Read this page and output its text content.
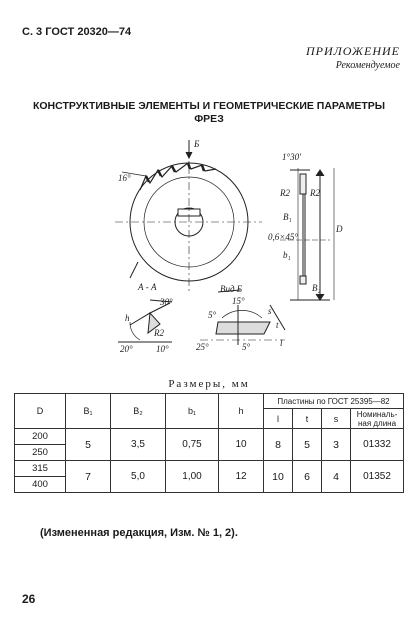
С. 3 ГОСТ 20320—74
ПРИЛОЖЕНИЕ
Рекомендуемое
КОНСТРУКТИВНЫЕ ЭЛЕМЕНТЫ И ГЕОМЕТРИЧЕСКИЕ ПАРАМЕТРЫ
ФРЕЗ
Б
16°
1°30′
R2 R2
B₁
D
0,6×45°
b₁
B₂
А - А	Вид Б
30°
h
R2
20°	10°
15°
5°	s
t
25°	5°	l
Размеры, мм
D	B₁	B₂	b₁	h	Пластины по ГОСТ 25395—82			
					l	t	s	Номиналь-
ная длина
200	5	3,5	0,75	10	8	5	3	01332
250								
315	7	5,0	1,00	12	10	6	4	01352
400								
(Измененная редакция, Изм. № 1, 2).
26
